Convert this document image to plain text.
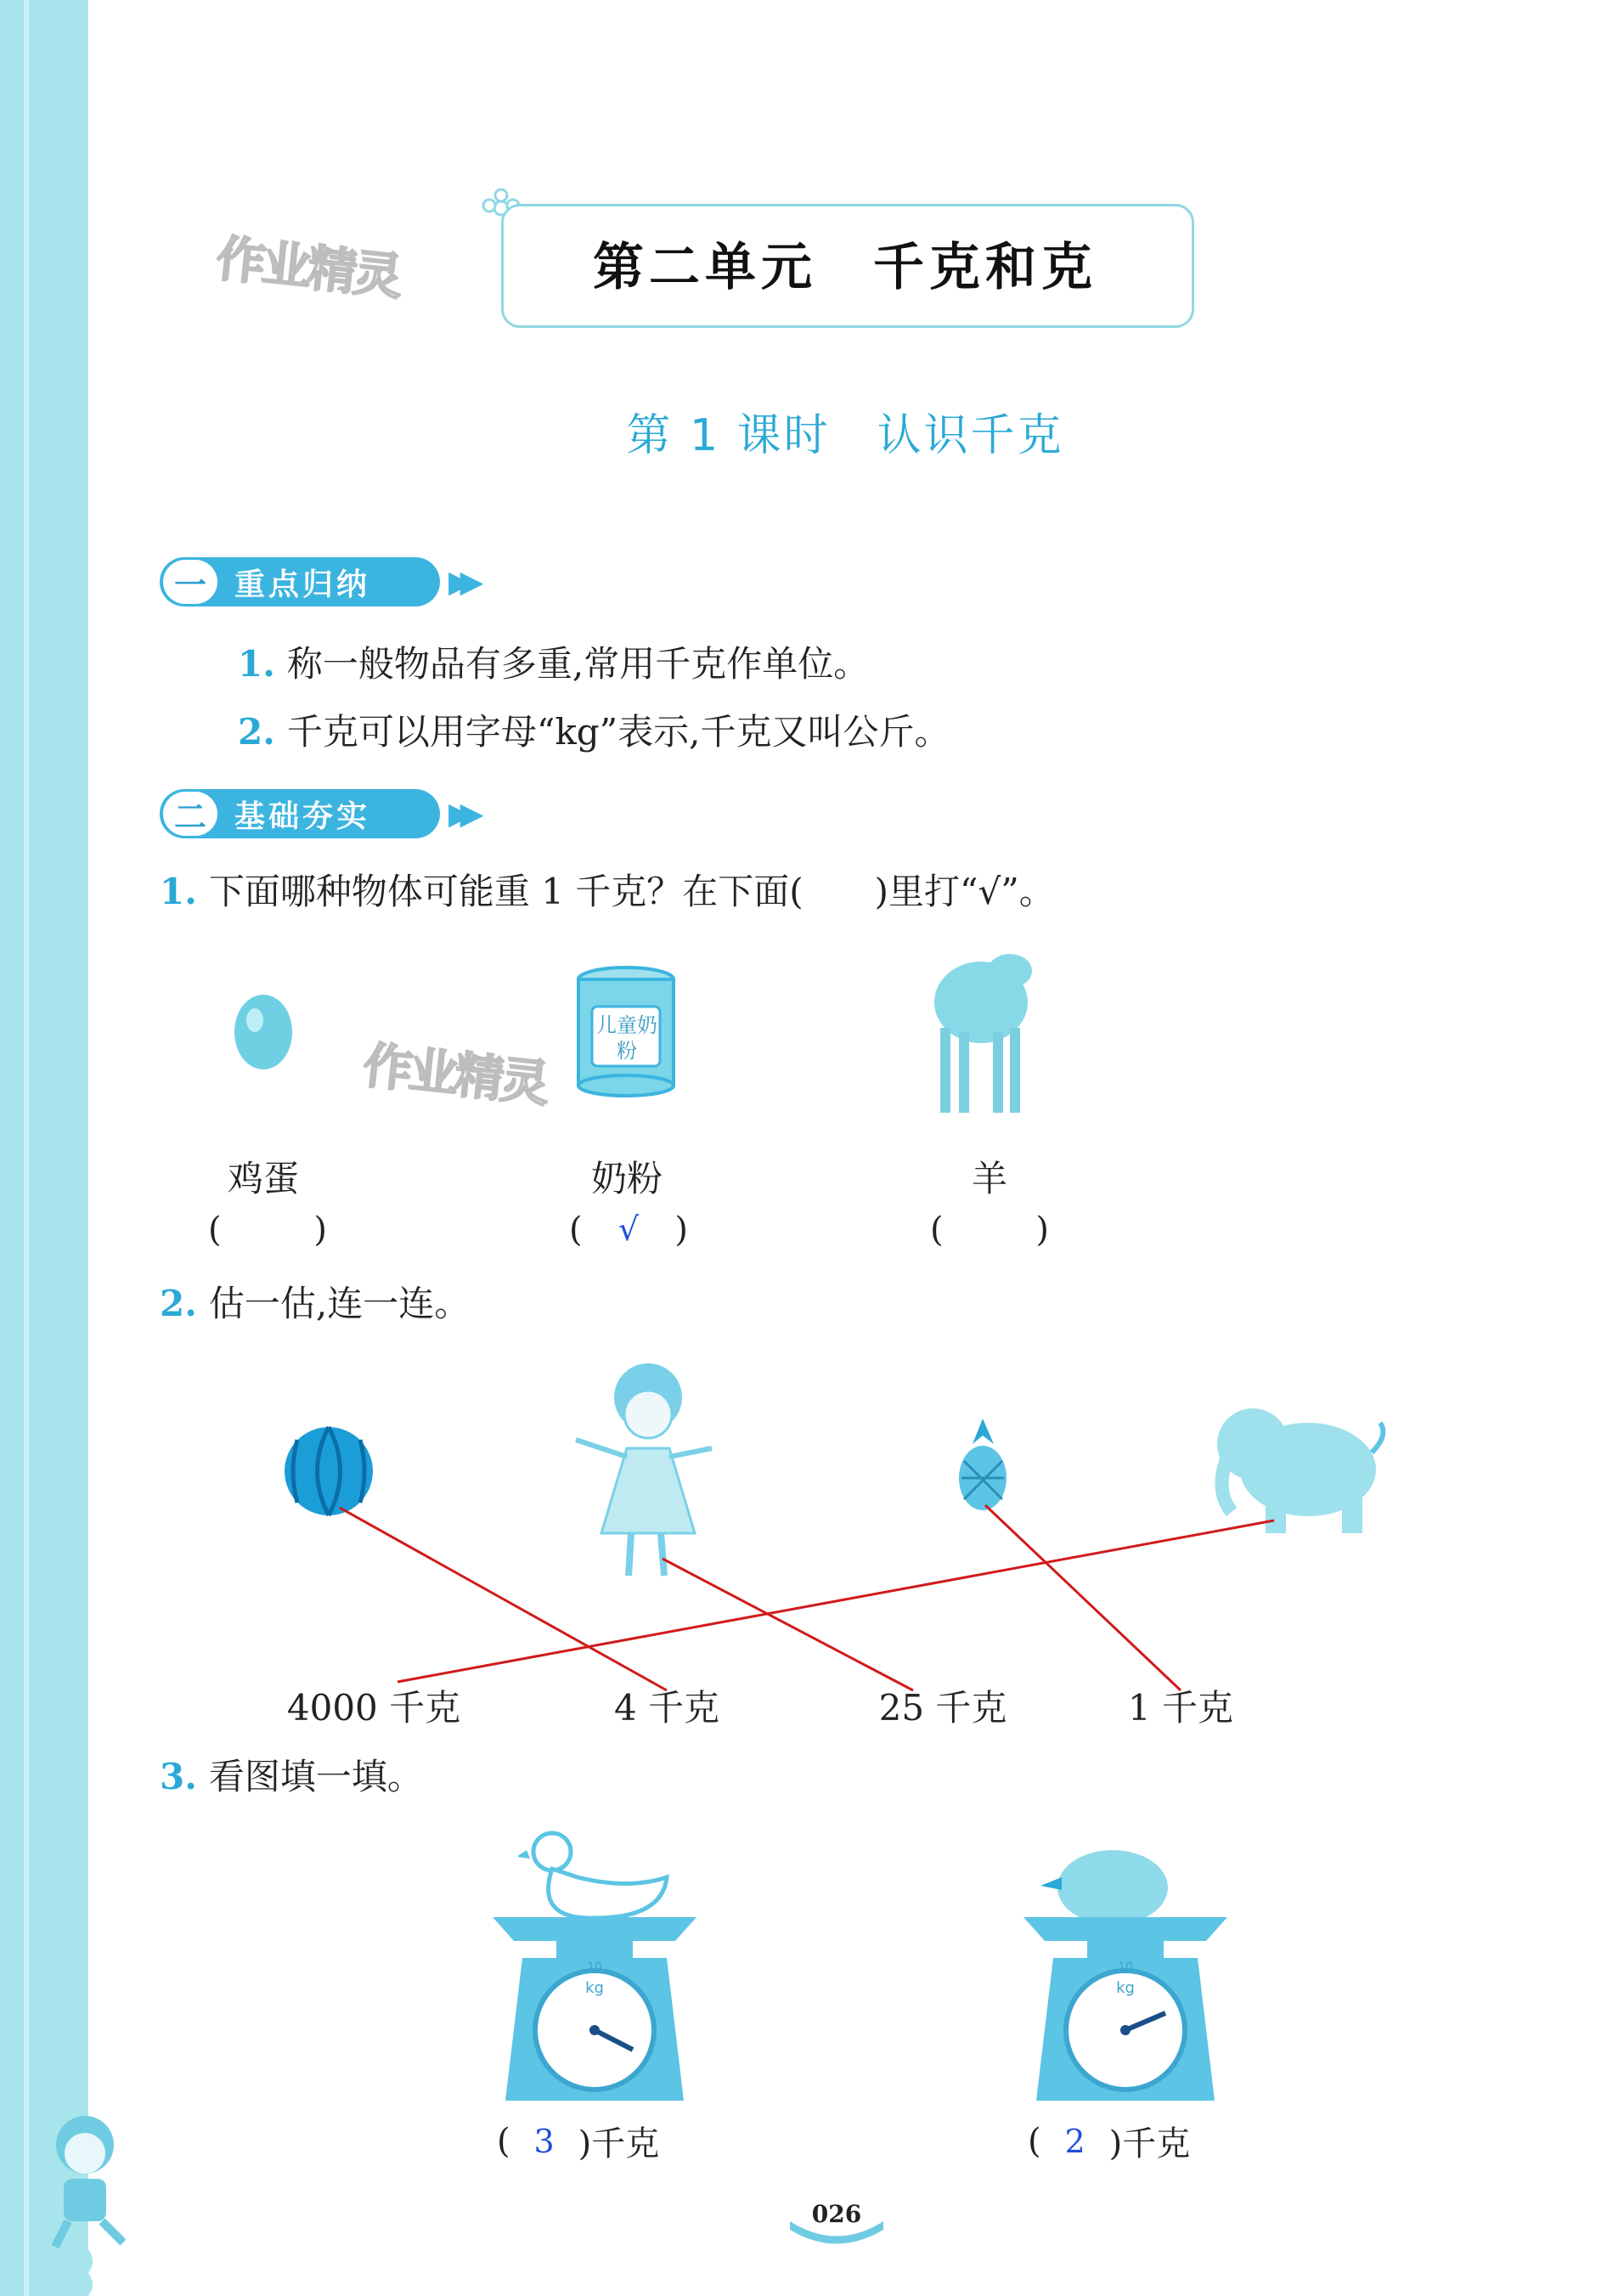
作业精灵
作业精灵
第二单元　千克和克
第 1 课时　认识千克
一 重点归纳	▶▶
1. 称一般物品有多重,常用千克作单位。
2. 千克可以用字母“kg”表示,千克又叫公斤。
二 基础夯实	▶▶
1. 下面哪种物体可能重 1 千克？在下面(　　)里打“√”。
儿童奶粉
鸡蛋	奶粉	羊
(	)	( √ )	(	)
2. 估一估,连一连。
4000 千克	4 千克	25 千克	1 千克
3. 看图填一填。
10
kg
10
kg
( 3 )千克	( 2 )千克
026
